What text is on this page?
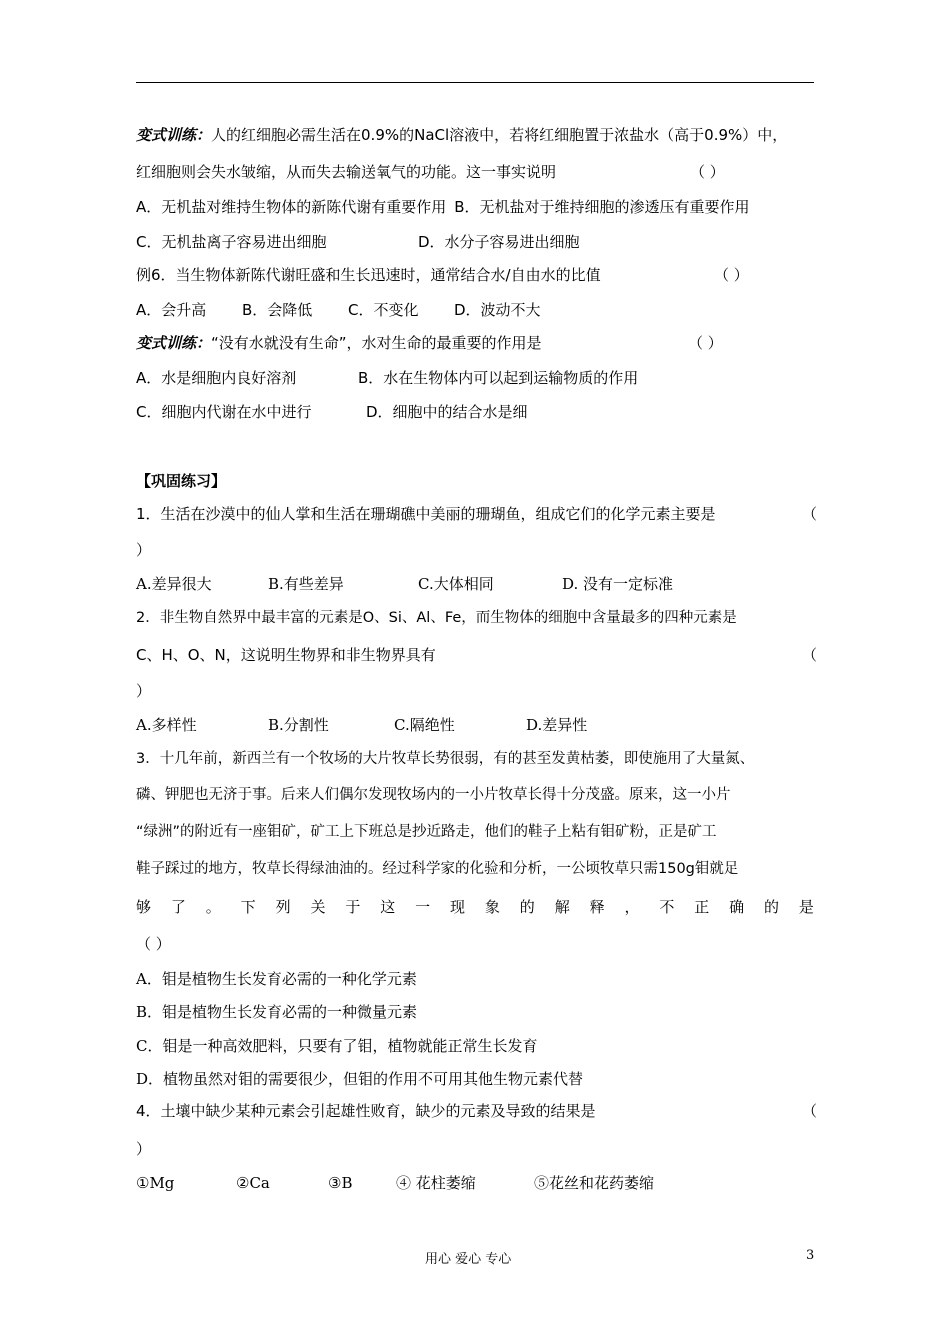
变式训练：人的红细胞必需生活在0.9%的NaCl溶液中，若将红细胞置于浓盐水（高于0.9%）中，
红细胞则会失水皱缩，从而失去输送氧气的功能。这一事实说明	（ ）
A．无机盐对维持生物体的新陈代谢有重要作用 B．无机盐对于维持细胞的渗透压有重要作用
C．无机盐离子容易进出细胞	D．水分子容易进出细胞
例6．当生物体新陈代谢旺盛和生长迅速时，通常结合水/自由水的比值	（ ）
A．会升高 B．会降低 C．不变化 D．波动不大
变式训练：“没有水就没有生命”，水对生命的最重要的作用是	（ ）
A．水是细胞内良好溶剂	B．水在生物体内可以起到运输物质的作用
C．细胞内代谢在水中进行	D．细胞中的结合水是细
【巩固练习】
1．生活在沙漠中的仙人掌和生活在珊瑚礁中美丽的珊瑚鱼，组成它们的化学元素主要是	（
）
A.差异很大	B.有些差异	C.大体相同	D. 没有一定标准
2．非生物自然界中最丰富的元素是O、Si、Al、Fe，而生物体的细胞中含量最多的四种元素是
C、H、O、N，这说明生物界和非生物界具有	（
）
A.多样性	B.分割性	C.隔绝性	D.差异性
3．十几年前，新西兰有一个牧场的大片牧草长势很弱，有的甚至发黄枯萎，即使施用了大量氮、
磷、钾肥也无济于事。后来人们偶尔发现牧场内的一小片牧草长得十分茂盛。原来，这一小片
“绿洲”的附近有一座钼矿，矿工上下班总是抄近路走，他们的鞋子上粘有钼矿粉，正是矿工
鞋子踩过的地方，牧草长得绿油油的。经过科学家的化验和分析，一公顷牧草只需150g钼就足
够 了 。 下 列 关 于 这 一 现 象 的 解 释 ， 不 正 确 的 是
（ ）
A．钼是植物生长发育必需的一种化学元素
B．钼是植物生长发育必需的一种微量元素
C．钼是一种高效肥料，只要有了钼，植物就能正常生长发育
D．植物虽然对钼的需要很少，但钼的作用不可用其他生物元素代替
4．土壤中缺少某种元素会引起雄性败育，缺少的元素及导致的结果是	（
）
①Mg	②Ca	③B	④ 花柱萎缩	⑤花丝和花药萎缩
用心 爱心 专心	3
